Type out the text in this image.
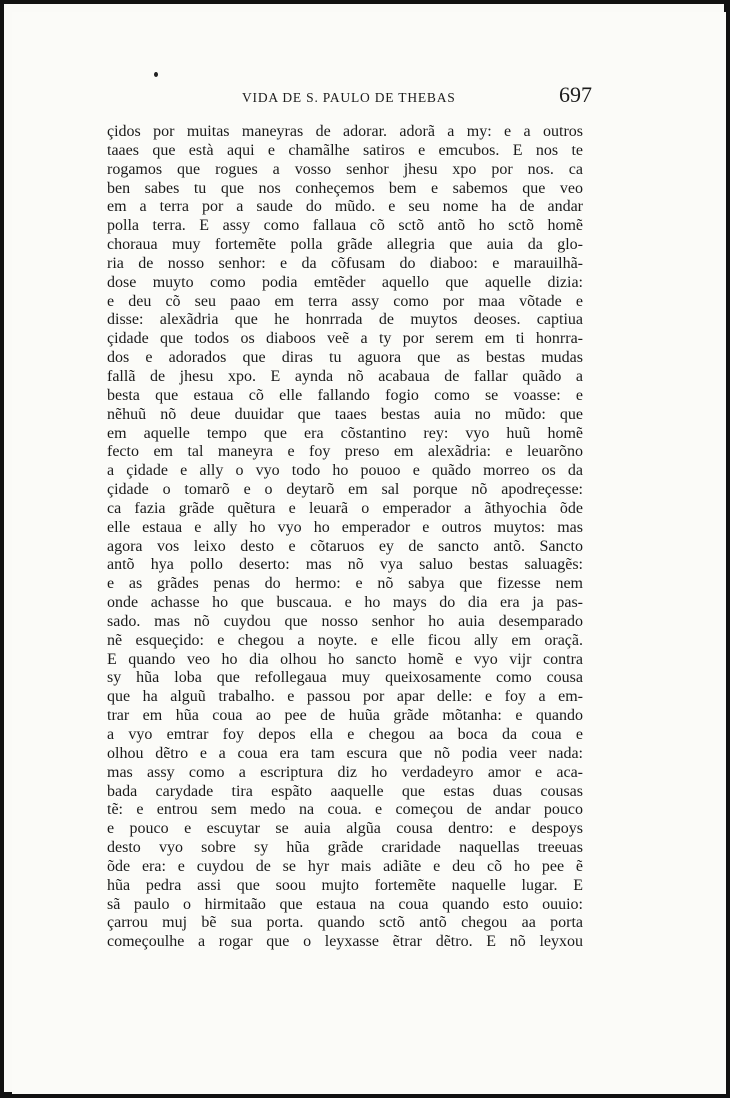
VIDA DE S. PAULO DE THEBAS	697
çidos por muitas maneyras de adorar. adorã a my: e a outros
taaes que està aqui e chamãlhe satiros e emcubos. E nos te
rogamos que rogues a vosso senhor jhesu xpo por nos. ca
ben sabes tu que nos conheçemos bem e sabemos que veo
em a terra por a saude do mũdo. e seu nome ha de andar
polla terra. E assy como fallaua cõ sctõ antõ ho sctõ homẽ
choraua muy fortemẽte polla grãde allegria que auia da glo-
ria de nosso senhor: e da cõfusam do diaboo: e marauilhã-
dose muyto como podia emtẽder aquello que aquelle dizia:
e deu cõ seu paao em terra assy como por maa võtade e
disse: alexãdria que he honrrada de muytos deoses. captiua
çidade que todos os diaboos veẽ a ty por serem em ti honrra-
dos e adorados que diras tu aguora que as bestas mudas
fallã de jhesu xpo. E aynda nõ acabaua de fallar quãdo a
besta que estaua cõ elle fallando fogio como se voasse: e
nẽhuũ nõ deue duuidar que taaes bestas auia no mũdo: que
em aquelle tempo que era cõstantino rey: vyo huũ homẽ
fecto em tal maneyra e foy preso em alexãdria: e leuarõno
a çidade e ally o vyo todo ho pouoo e quãdo morreo os da
çidade o tomarõ e o deytarõ em sal porque nõ apodreçesse:
ca fazia grãde quẽtura e leuarã o emperador a ãthyochia õde
elle estaua e ally ho vyo ho emperador e outros muytos: mas
agora vos leixo desto e cõtaruos ey de sancto antõ. Sancto
antõ hya pollo deserto: mas nõ vya saluo bestas saluagẽs:
e as grãdes penas do hermo: e nõ sabya que fizesse nem
onde achasse ho que buscaua. e ho mays do dia era ja pas-
sado. mas nõ cuydou que nosso senhor ho auia desemparado
nẽ esqueçido: e chegou a noyte. e elle ficou ally em oraçã.
E quando veo ho dia olhou ho sancto homẽ e vyo vijr contra
sy hũa loba que refollegaua muy queixosamente como cousa
que ha alguũ trabalho. e passou por apar delle: e foy a em-
trar em hũa coua ao pee de huũa grãde mõtanha: e quando
a vyo emtrar foy depos ella e chegou aa boca da coua e
olhou dẽtro e a coua era tam escura que nõ podia veer nada:
mas assy como a escriptura diz ho verdadeyro amor e aca-
bada carydade tira espãto aaquelle que estas duas cousas
tẽ: e entrou sem medo na coua. e começou de andar pouco
e pouco e escuytar se auia algũa cousa dentro: e despoys
desto vyo sobre sy hũa grãde craridade naquellas treeuas
õde era: e cuydou de se hyr mais adiãte e deu cõ ho pee ẽ
hũa pedra assi que soou mujto fortemẽte naquelle lugar. E
sã paulo o hirmitaão que estaua na coua quando esto ouuio:
çarrou muj bẽ sua porta. quando sctõ antõ chegou aa porta
começoulhe a rogar que o leyxasse ẽtrar dẽtro. E nõ leyxou
